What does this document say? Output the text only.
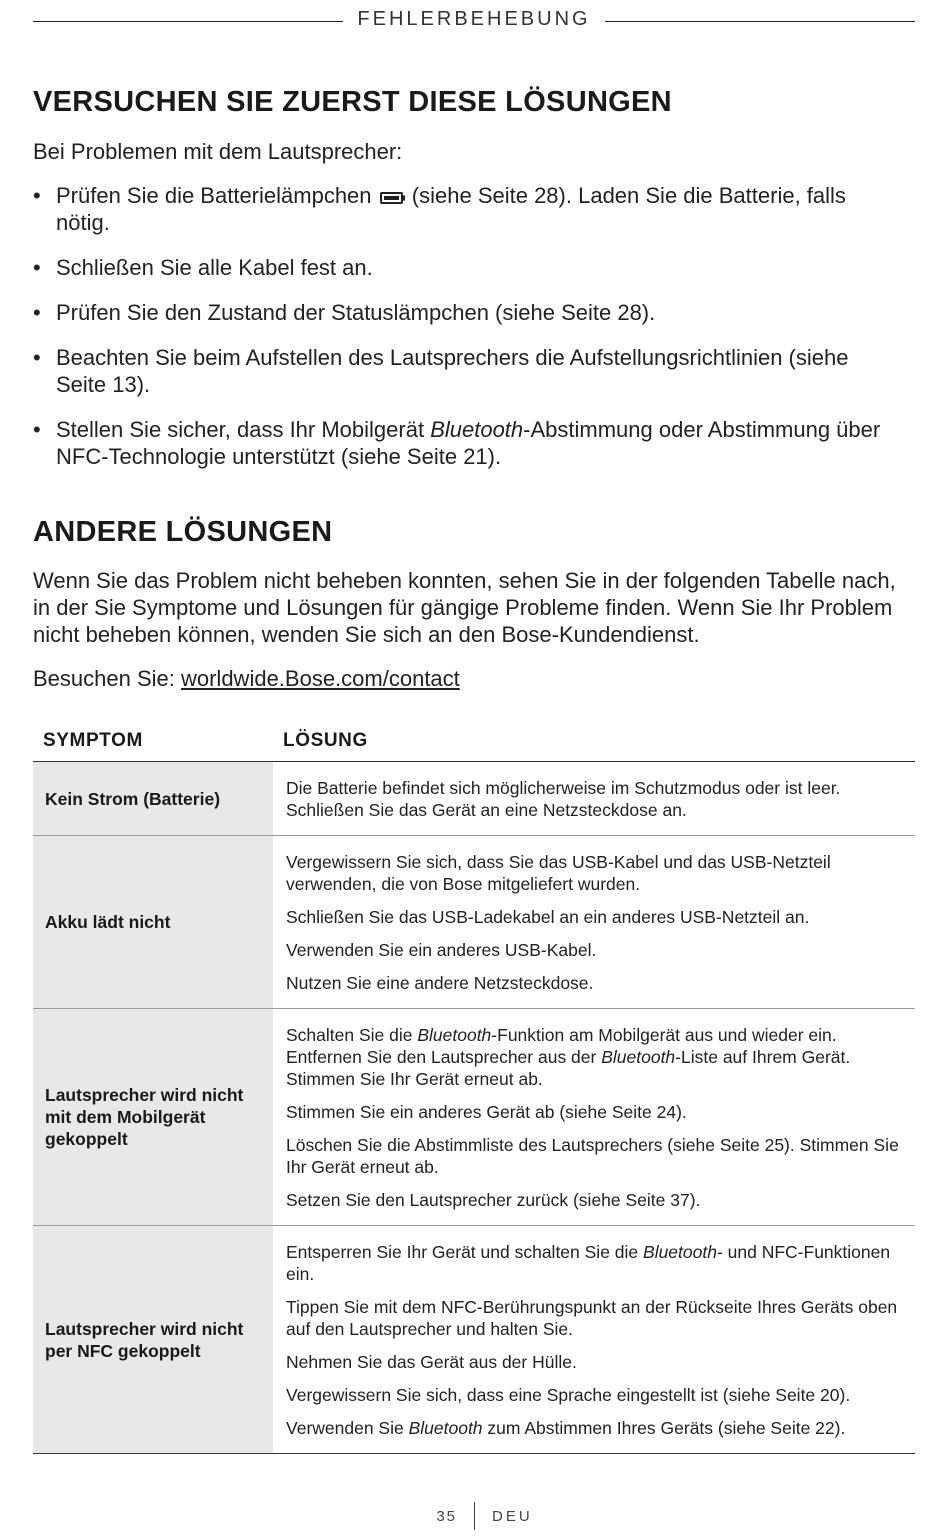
FEHLERBEHEBUNG
VERSUCHEN SIE ZUERST DIESE LÖSUNGEN

Bei Problemen mit dem Lautsprecher:

• Prüfen Sie die Batterielämpchen (siehe Seite 28). Laden Sie die Batterie, falls nötig.
• Schließen Sie alle Kabel fest an.
• Prüfen Sie den Zustand der Statuslämpchen (siehe Seite 28).
• Beachten Sie beim Aufstellen des Lautsprechers die Aufstellungsrichtlinien (siehe Seite 13).
• Stellen Sie sicher, dass Ihr Mobilgerät Bluetooth-Abstimmung oder Abstimmung über NFC-Technologie unterstützt (siehe Seite 21).
ANDERE LÖSUNGEN

Wenn Sie das Problem nicht beheben konnten, sehen Sie in der folgenden Tabelle nach, in der Sie Symptome und Lösungen für gängige Probleme finden. Wenn Sie Ihr Problem nicht beheben können, wenden Sie sich an den Bose-Kundendienst.

Besuchen Sie: worldwide.Bose.com/contact

SYMPTOM	LÖSUNG
Kein Strom (Batterie)	Die Batterie befindet sich möglicherweise im Schutzmodus oder ist leer. Schließen Sie das Gerät an eine Netzsteckdose an.

Akku lädt nicht	Vergewissern Sie sich, dass Sie das USB-Kabel und das USB-Netzteil verwenden, die von Bose mitgeliefert wurden.

Schließen Sie das USB-Ladekabel an ein anderes USB-Netzteil an.

Verwenden Sie ein anderes USB-Kabel.

Nutzen Sie eine andere Netzsteckdose.

Lautsprecher wird nicht mit dem Mobilgerät gekoppelt	Schalten Sie die Bluetooth-Funktion am Mobilgerät aus und wieder ein. Entfernen Sie den Lautsprecher aus der Bluetooth-Liste auf Ihrem Gerät. Stimmen Sie Ihr Gerät erneut ab.

Stimmen Sie ein anderes Gerät ab (siehe Seite 24).

Löschen Sie die Abstimmliste des Lautsprechers (siehe Seite 25). Stimmen Sie Ihr Gerät erneut ab.

Setzen Sie den Lautsprecher zurück (siehe Seite 37).

Lautsprecher wird nicht per NFC gekoppelt	Entsperren Sie Ihr Gerät und schalten Sie die Bluetooth- und NFC-Funktionen ein.

Tippen Sie mit dem NFC-Berührungspunkt an der Rückseite Ihres Geräts oben auf den Lautsprecher und halten Sie.

Nehmen Sie das Gerät aus der Hülle.

Vergewissern Sie sich, dass eine Sprache eingestellt ist (siehe Seite 20).

Verwenden Sie Bluetooth zum Abstimmen Ihres Geräts (siehe Seite 22).

35 DEU
